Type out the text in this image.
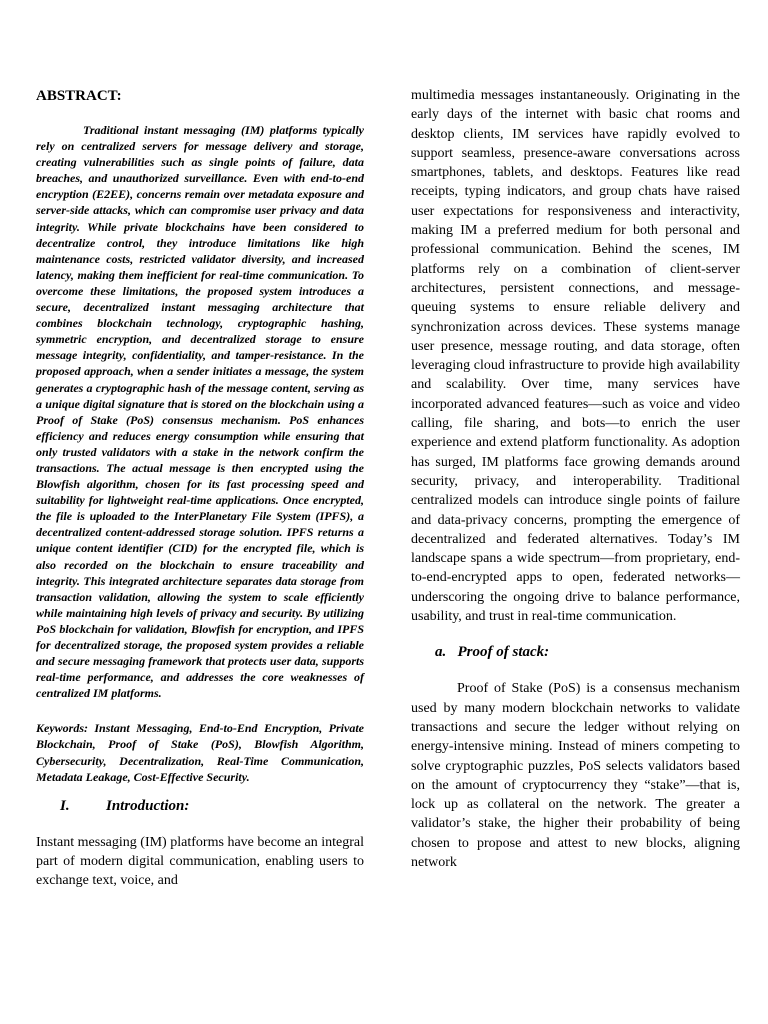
ABSTRACT:

Traditional instant messaging (IM) platforms typically rely on centralized servers for message delivery and storage, creating vulnerabilities such as single points of failure, data breaches, and unauthorized surveillance. Even with end-to-end encryption (E2EE), concerns remain over metadata exposure and server-side attacks, which can compromise user privacy and data integrity. While private blockchains have been considered to decentralize control, they introduce limitations like high maintenance costs, restricted validator diversity, and increased latency, making them inefficient for real-time communication. To overcome these limitations, the proposed system introduces a secure, decentralized instant messaging architecture that combines blockchain technology, cryptographic hashing, symmetric encryption, and decentralized storage to ensure message integrity, confidentiality, and tamper-resistance. In the proposed approach, when a sender initiates a message, the system generates a cryptographic hash of the message content, serving as a unique digital signature that is stored on the blockchain using a Proof of Stake (PoS) consensus mechanism. PoS enhances efficiency and reduces energy consumption while ensuring that only trusted validators with a stake in the network confirm the transactions. The actual message is then encrypted using the Blowfish algorithm, chosen for its fast processing speed and suitability for lightweight real-time applications. Once encrypted, the file is uploaded to the InterPlanetary File System (IPFS), a decentralized content-addressed storage solution. IPFS returns a unique content identifier (CID) for the encrypted file, which is also recorded on the blockchain to ensure traceability and integrity. This integrated architecture separates data storage from transaction validation, allowing the system to scale efficiently while maintaining high levels of privacy and security. By utilizing PoS blockchain for validation, Blowfish for encryption, and IPFS for decentralized storage, the proposed system provides a reliable and secure messaging framework that protects user data, supports real-time performance, and addresses the core weaknesses of centralized IM platforms.

Keywords: Instant Messaging, End-to-End Encryption, Private Blockchain, Proof of Stake (PoS), Blowfish Algorithm, Cybersecurity, Decentralization, Real-Time Communication, Metadata Leakage, Cost-Effective Security.

I.	Introduction:

Instant messaging (IM) platforms have become an integral part of modern digital communication, enabling users to exchange text, voice, and

multimedia messages instantaneously. Originating in the early days of the internet with basic chat rooms and desktop clients, IM services have rapidly evolved to support seamless, presence-aware conversations across smartphones, tablets, and desktops. Features like read receipts, typing indicators, and group chats have raised user expectations for responsiveness and interactivity, making IM a preferred medium for both personal and professional communication. Behind the scenes, IM platforms rely on a combination of client-server architectures, persistent connections, and message-queuing systems to ensure reliable delivery and synchronization across devices. These systems manage user presence, message routing, and data storage, often leveraging cloud infrastructure to provide high availability and scalability. Over time, many services have incorporated advanced features—such as voice and video calling, file sharing, and bots—to enrich the user experience and extend platform functionality. As adoption has surged, IM platforms face growing demands around security, privacy, and interoperability. Traditional centralized models can introduce single points of failure and data-privacy concerns, prompting the emergence of decentralized and federated alternatives. Today’s IM landscape spans a wide spectrum—from proprietary, end-to-end-encrypted apps to open, federated networks—underscoring the ongoing drive to balance performance, usability, and trust in real-time communication.

a.   Proof of stack:

Proof of Stake (PoS) is a consensus mechanism used by many modern blockchain networks to validate transactions and secure the ledger without relying on energy-intensive mining. Instead of miners competing to solve cryptographic puzzles, PoS selects validators based on the amount of cryptocurrency they “stake”—that is, lock up as collateral on the network. The greater a validator’s stake, the higher their probability of being chosen to propose and attest to new blocks, aligning network
